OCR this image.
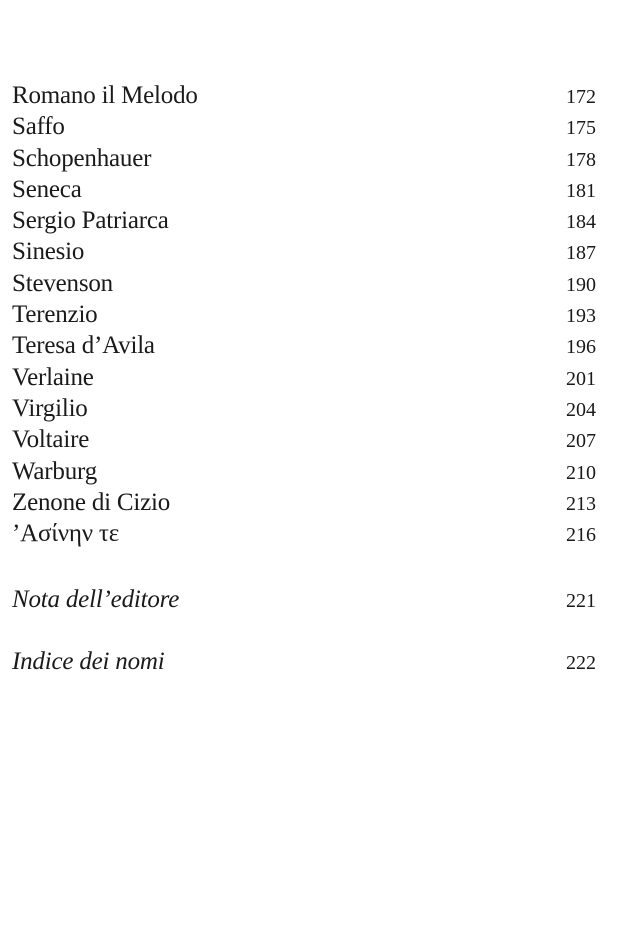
Romano il Melodo	172
Saffo	175
Schopenhauer	178
Seneca	181
Sergio Patriarca	184
Sinesio	187
Stevenson	190
Terenzio	193
Teresa d’Avila	196
Verlaine	201
Virgilio	204
Voltaire	207
Warburg	210
Zenone di Cizio	213
’Ασίνην τε	216
Nota dell’editore	221
Indice dei nomi	222
